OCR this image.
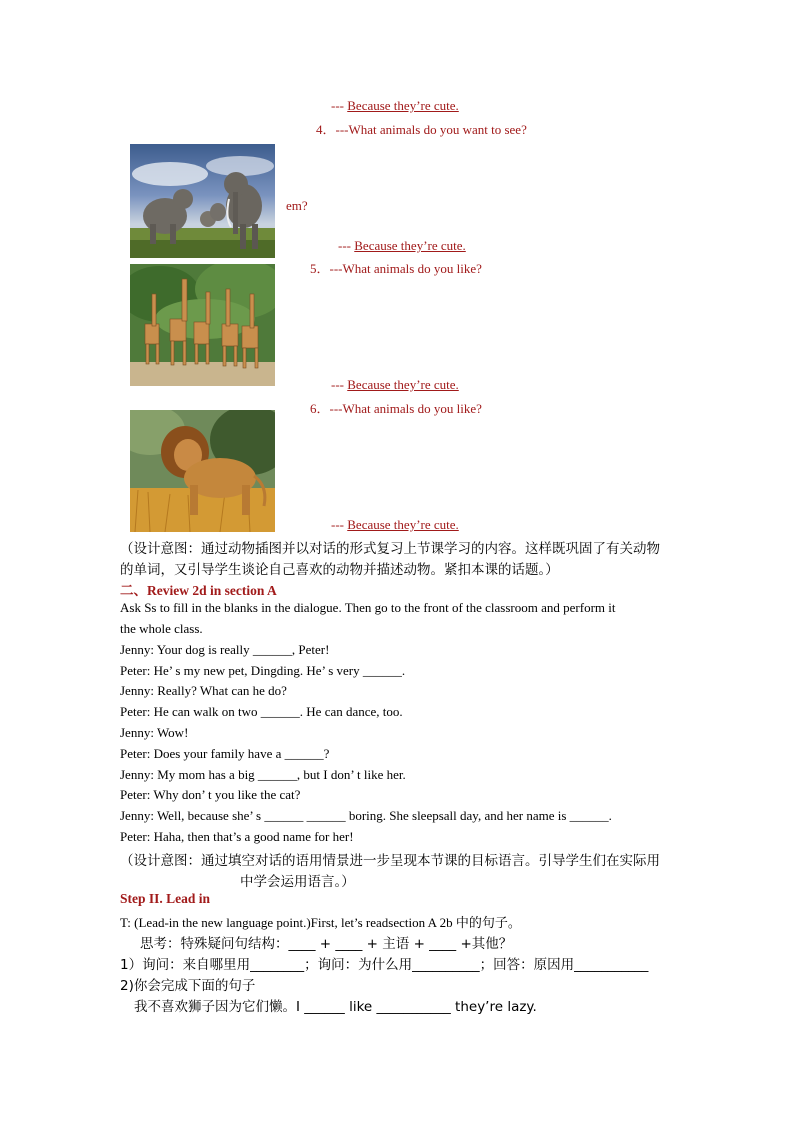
--- Because they’re cute.
4．---What animals do you want to see?
em?
--- Because they’re cute.
5．---What animals do you like?
--- Because they’re cute.
6．---What animals do you like?
--- Because they’re cute.
（设计意图：通过动物插图并以对话的形式复习上节课学习的内容。这样既巩固了有关动物
的单词，又引导学生谈论自己喜欢的动物并描述动物。紧扣本课的话题。）
二、Review 2d in section A
Ask Ss to fill in the blanks in the dialogue. Then go to the front of the classroom and perform it
the whole class.
Jenny: Your dog is really ______, Peter!
Peter: He’ s my new pet, Dingding. He’ s very ______.
Jenny: Really? What can he do?
Peter: He can walk on two ______. He can dance, too.
Jenny: Wow!
Peter: Does your family have a ______?
Jenny: My mom has a big ______, but I don’ t like her.
Peter: Why don’ t you like the cat?
Jenny: Well, because she’ s ______ ______ boring. She sleepsall day, and her name is ______.
Peter: Haha, then that’s a good name for her!
（设计意图：通过填空对话的语用情景进一步呈现本节课的目标语言。引导学生们在实际用
中学会运用语言。）
Step II. Lead in
T: (Lead-in the new language point.)First, let’s readsection A 2b 中的句子。
思考：特殊疑问句结构：____ + ____ + 主语 + ____ +其他？
1）询问：来自哪里用________；询问：为什么用__________；回答：原因用___________
2)你会完成下面的句子
我不喜欢狮子因为它们懒。I ______ like ___________ they’re lazy.
